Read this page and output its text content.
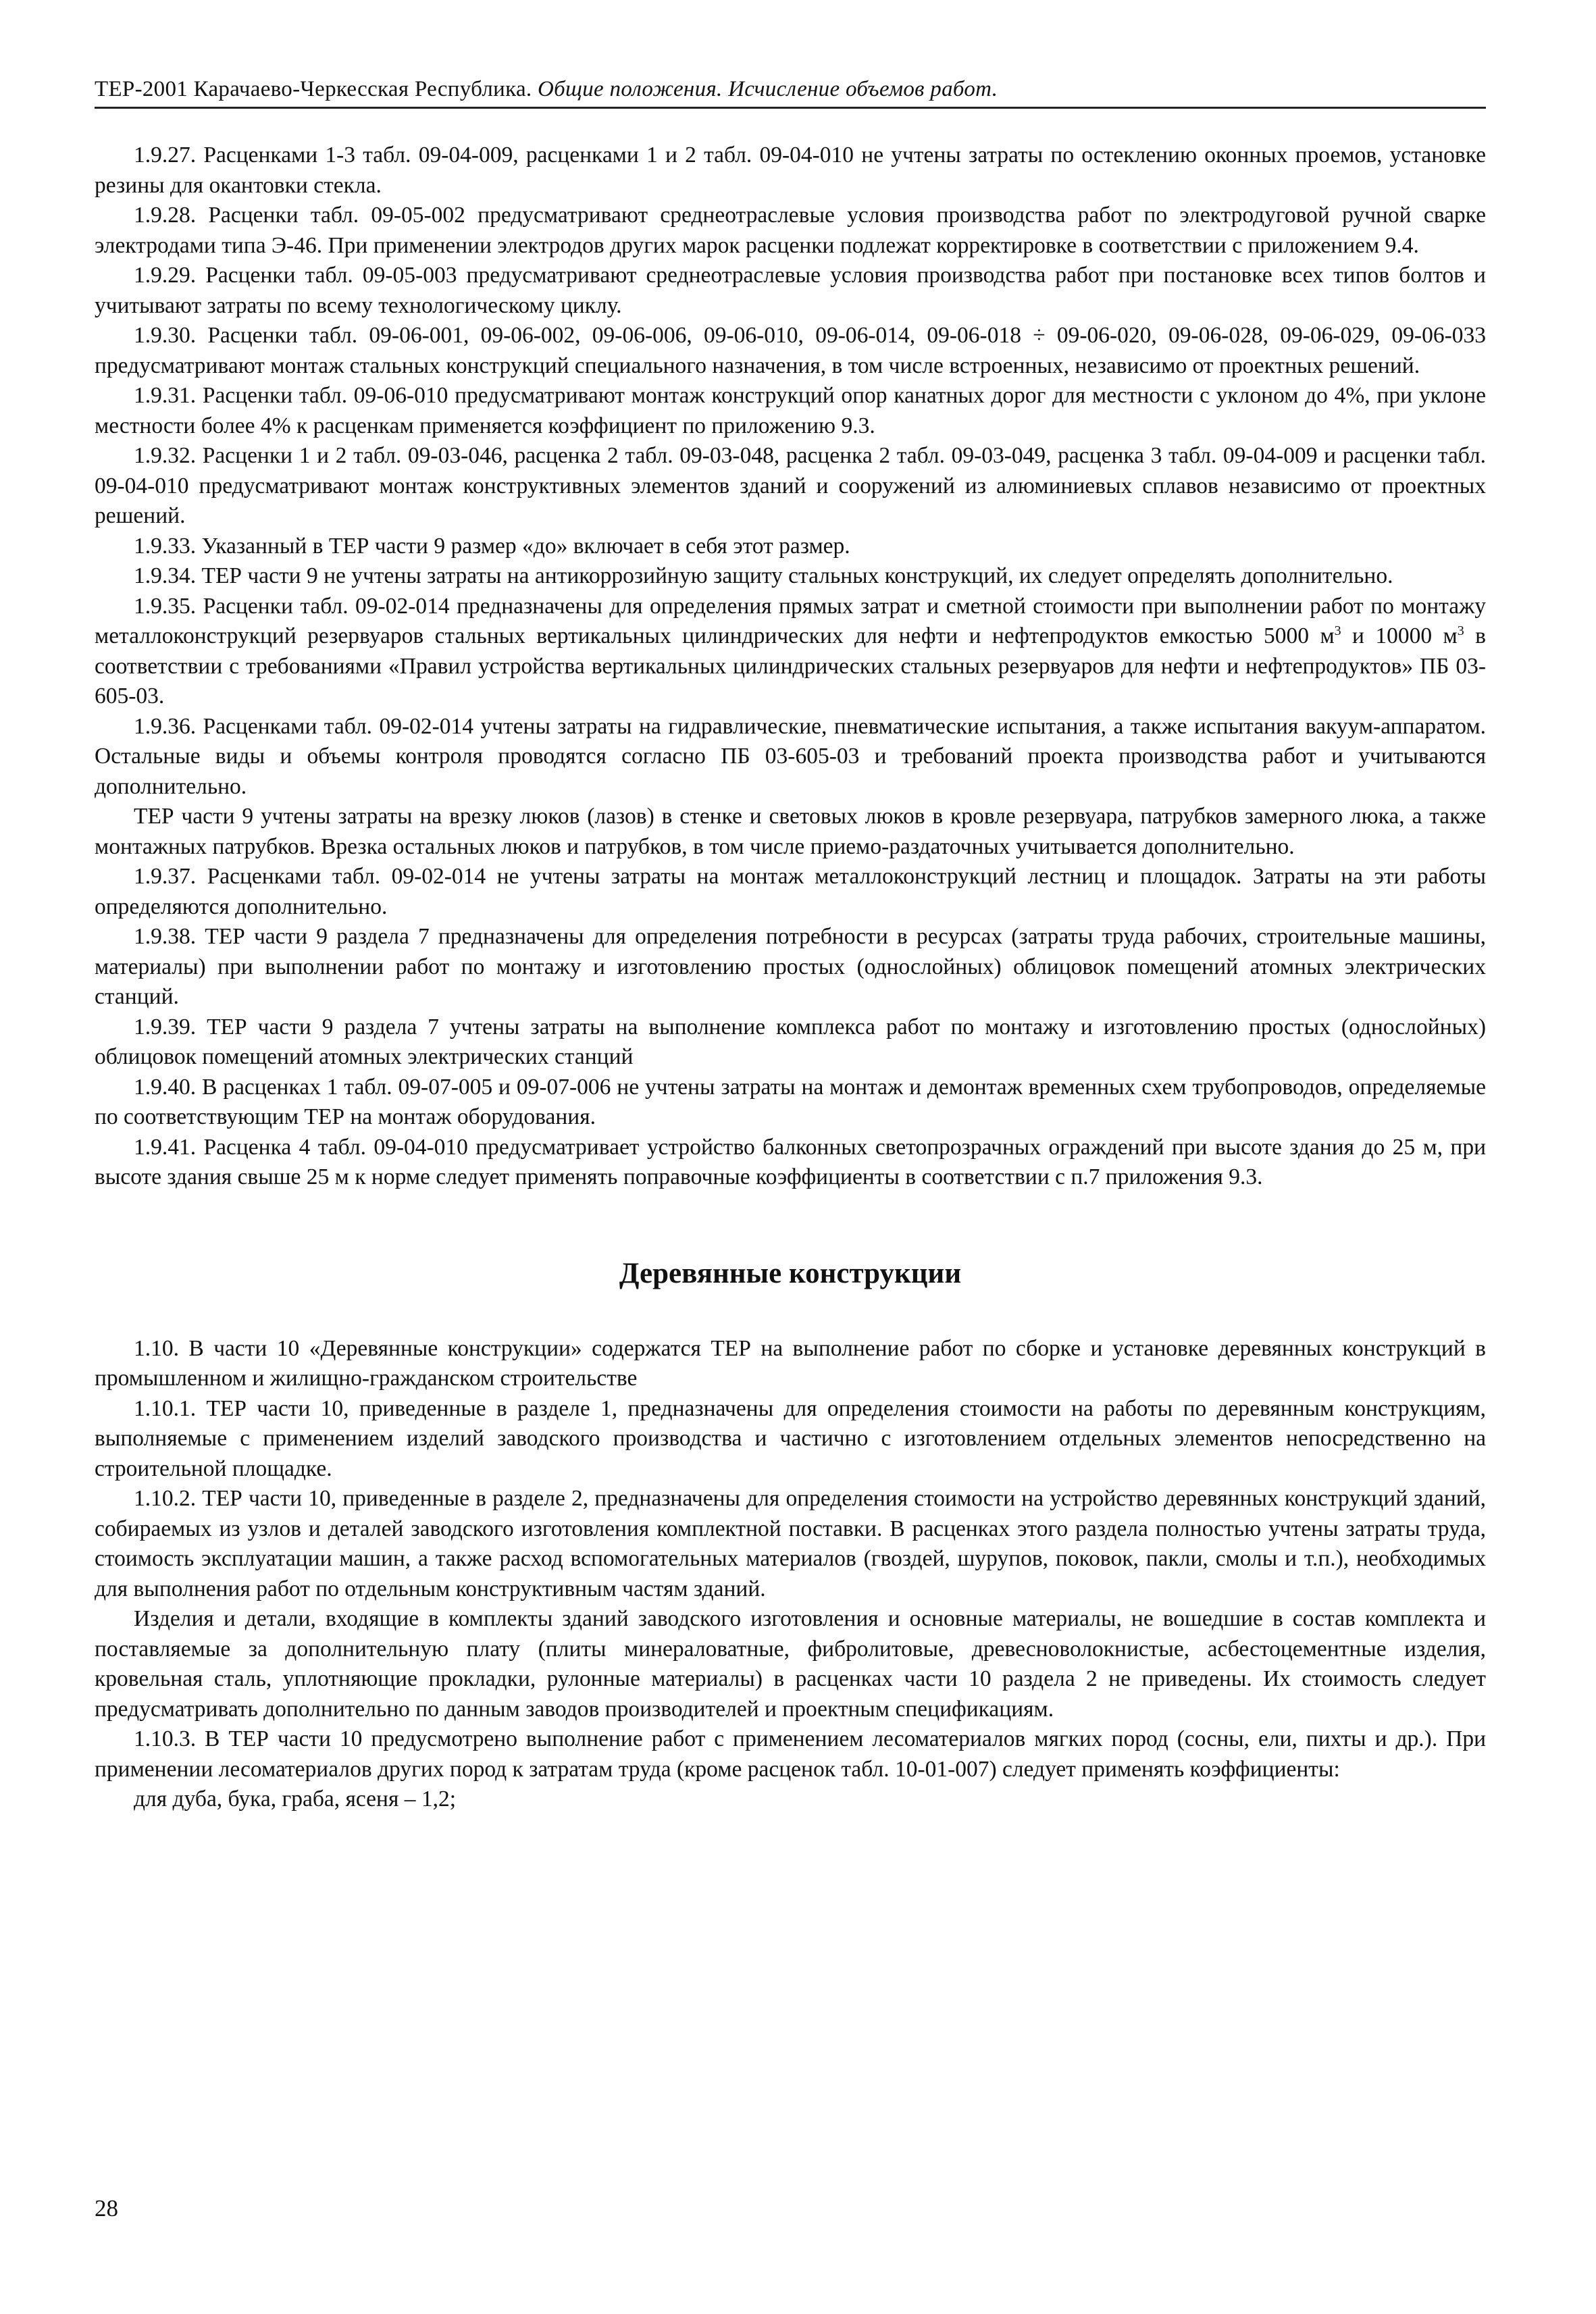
ТЕР-2001 Карачаево-Черкесская Республика. Общие положения. Исчисление объемов работ.

1.9.27. Расценками 1-3 табл. 09-04-009, расценками 1 и 2 табл. 09-04-010 не учтены затраты по остеклению оконных проемов, установке резины для окантовки стекла.

1.9.28. Расценки табл. 09-05-002 предусматривают среднеотраслевые условия производства работ по электродуговой ручной сварке электродами типа Э-46. При применении электродов других марок расценки подлежат корректировке в соответствии с приложением 9.4.

1.9.29. Расценки табл. 09-05-003 предусматривают среднеотраслевые условия производства работ при постановке всех типов болтов и учитывают затраты по всему технологическому циклу.

1.9.30. Расценки табл. 09-06-001, 09-06-002, 09-06-006, 09-06-010, 09-06-014, 09-06-018 ÷ 09-06-020, 09-06-028, 09-06-029, 09-06-033 предусматривают монтаж стальных конструкций специального назначения, в том числе встроенных, независимо от проектных решений.

1.9.31. Расценки табл. 09-06-010 предусматривают монтаж конструкций опор канатных дорог для местности с уклоном до 4%, при уклоне местности более 4% к расценкам применяется коэффициент по приложению 9.3.

1.9.32. Расценки 1 и 2 табл. 09-03-046, расценка 2 табл. 09-03-048, расценка 2 табл. 09-03-049, расценка 3 табл. 09-04-009 и расценки табл. 09-04-010 предусматривают монтаж конструктивных элементов зданий и сооружений из алюминиевых сплавов независимо от проектных решений.

1.9.33. Указанный в ТЕР части 9 размер «до» включает в себя этот размер.

1.9.34. ТЕР части 9 не учтены затраты на антикоррозийную защиту стальных конструкций, их следует определять дополнительно.

1.9.35. Расценки табл. 09-02-014 предназначены для определения прямых затрат и сметной стоимости при выполнении работ по монтажу металлоконструкций резервуаров стальных вертикальных цилиндрических для нефти и нефтепродуктов емкостью 5000 $м^3$ и 10000 $м^3$ в соответствии с требованиями «Правил устройства вертикальных цилиндрических стальных резервуаров для нефти и нефтепродуктов» ПБ 03-605-03.

1.9.36. Расценками табл. 09-02-014 учтены затраты на гидравлические, пневматические испытания, а также испытания вакуум-аппаратом. Остальные виды и объемы контроля проводятся согласно ПБ 03-605-03 и требований проекта производства работ и учитываются дополнительно.

ТЕР части 9 учтены затраты на врезку люков (лазов) в стенке и световых люков в кровле резервуара, патрубков замерного люка, а также монтажных патрубков. Врезка остальных люков и патрубков, в том числе приемо-раздаточных учитывается дополнительно.

1.9.37. Расценками табл. 09-02-014 не учтены затраты на монтаж металлоконструкций лестниц и площадок. Затраты на эти работы определяются дополнительно.

1.9.38. ТЕР части 9 раздела 7 предназначены для определения потребности в ресурсах (затраты труда рабочих, строительные машины, материалы) при выполнении работ по монтажу и изготовлению простых (однослойных) облицовок помещений атомных электрических станций.

1.9.39. ТЕР части 9 раздела 7 учтены затраты на выполнение комплекса работ по монтажу и изготовлению простых (однослойных) облицовок помещений атомных электрических станций

1.9.40. В расценках 1 табл. 09-07-005 и 09-07-006 не учтены затраты на монтаж и демонтаж временных схем трубопроводов, определяемые по соответствующим ТЕР на монтаж оборудования.

1.9.41. Расценка 4 табл. 09-04-010 предусматривает устройство балконных светопрозрачных ограждений при высоте здания до 25 м, при высоте здания свыше 25 м к норме следует применять поправочные коэффициенты в соответствии с п.7 приложения 9.3.

Деревянные конструкции

1.10. В части 10 «Деревянные конструкции» содержатся ТЕР на выполнение работ по сборке и установке деревянных конструкций в промышленном и жилищно-гражданском строительстве

1.10.1. ТЕР части 10, приведенные в разделе 1, предназначены для определения стоимости на работы по деревянным конструкциям, выполняемые с применением изделий заводского производства и частично с изготовлением отдельных элементов непосредственно на строительной площадке.

1.10.2. ТЕР части 10, приведенные в разделе 2, предназначены для определения стоимости на устройство деревянных конструкций зданий, собираемых из узлов и деталей заводского изготовления комплектной поставки. В расценках этого раздела полностью учтены затраты труда, стоимость эксплуатации машин, а также расход вспомогательных материалов (гвоздей, шурупов, поковок, пакли, смолы и т.п.), необходимых для выполнения работ по отдельным конструктивным частям зданий.

Изделия и детали, входящие в комплекты зданий заводского изготовления и основные материалы, не вошедшие в состав комплекта и поставляемые за дополнительную плату (плиты минераловатные, фибролитовые, древесноволокнистые, асбестоцементные изделия, кровельная сталь, уплотняющие прокладки, рулонные материалы) в расценках части 10 раздела 2 не приведены. Их стоимость следует предусматривать дополнительно по данным заводов производителей и проектным спецификациям.

1.10.3. В ТЕР части 10 предусмотрено выполнение работ с применением лесоматериалов мягких пород (сосны, ели, пихты и др.). При применении лесоматериалов других пород к затратам труда (кроме расценок табл. 10-01-007) следует применять коэффициенты:

для дуба, бука, граба, ясеня – 1,2;

28
